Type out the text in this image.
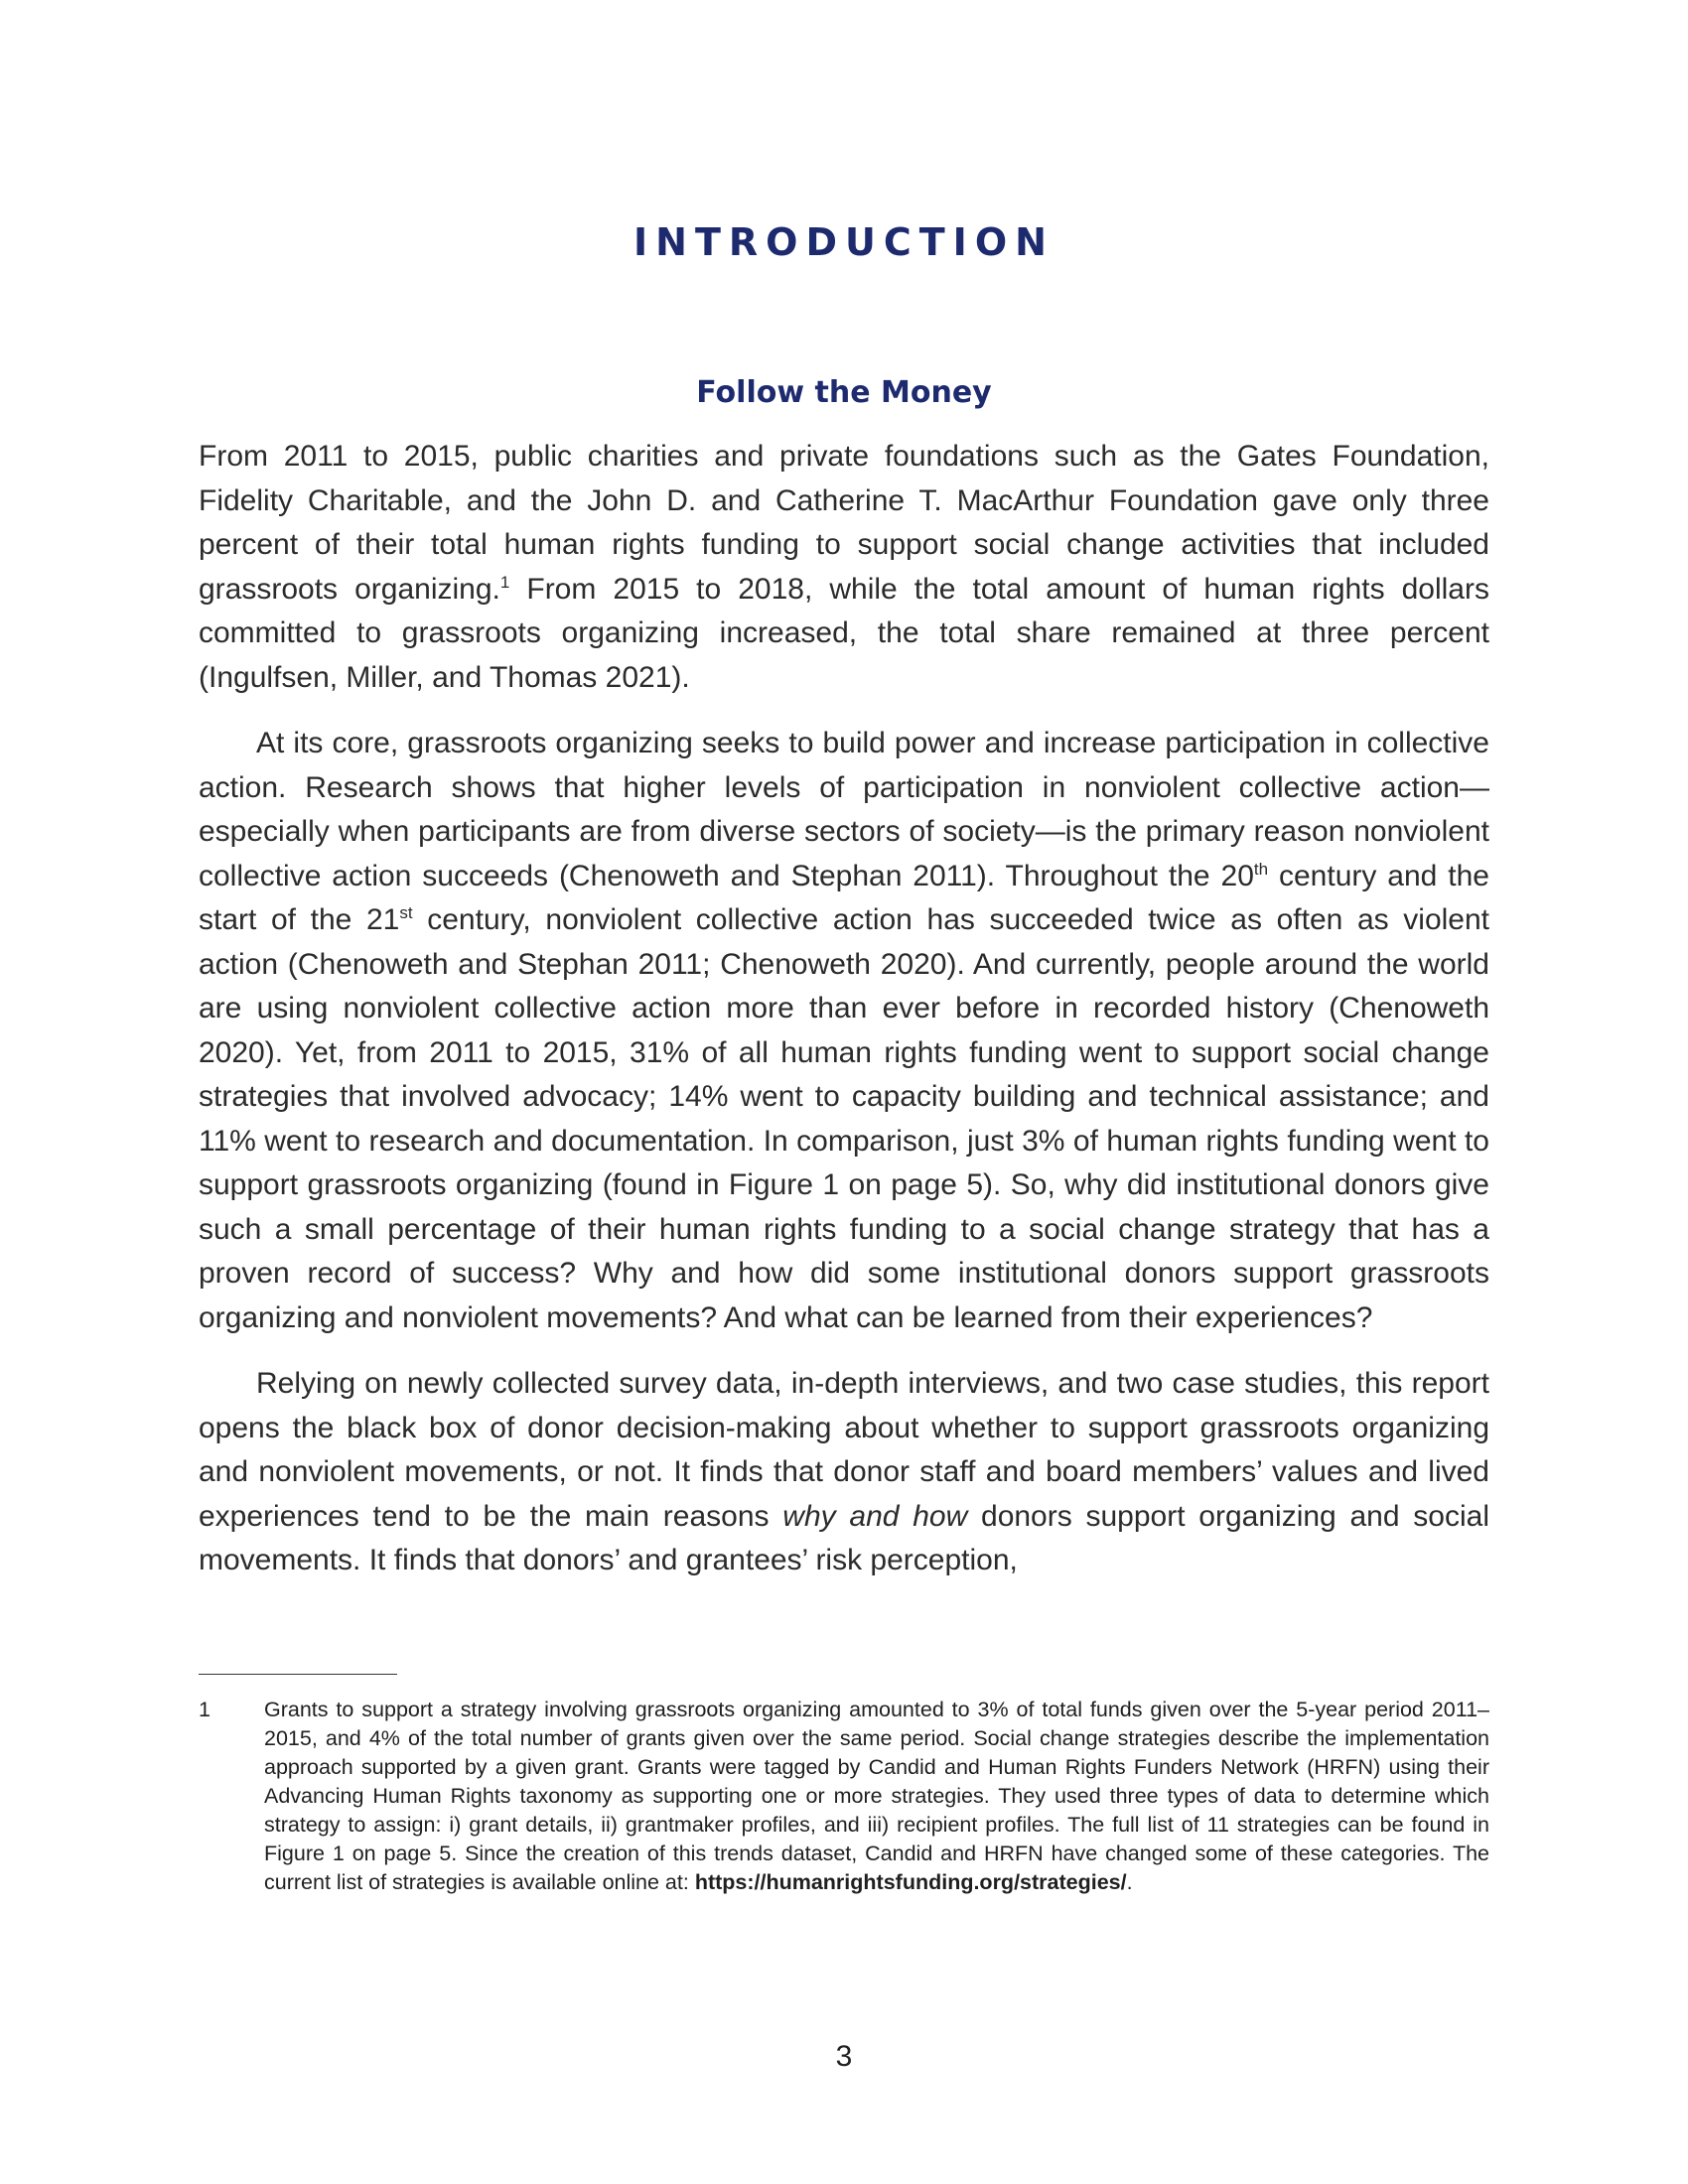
INTRODUCTION
Follow the Money

From 2011 to 2015, public charities and private foundations such as the Gates Foundation, Fidelity Charitable, and the John D. and Catherine T. MacArthur Foundation gave only three percent of their total human rights funding to support social change activities that included grassroots organizing.$^1$ From 2015 to 2018, while the total amount of human rights dollars committed to grassroots organizing increased, the total share remained at three percent (Ingulfsen, Miller, and Thomas 2021).

At its core, grassroots organizing seeks to build power and increase participation in collective action. Research shows that higher levels of participation in nonviolent collective action—especially when participants are from diverse sectors of society—is the primary reason nonviolent collective action succeeds (Chenoweth and Stephan 2011). Throughout the 20th century and the start of the 21st century, nonviolent collective action has succeeded twice as often as violent action (Chenoweth and Stephan 2011; Chenoweth 2020). And currently, people around the world are using nonviolent collective action more than ever before in recorded history (Chenoweth 2020). Yet, from 2011 to 2015, 31% of all human rights funding went to support social change strategies that involved advocacy; 14% went to capacity building and technical assistance; and 11% went to research and documentation. In comparison, just 3% of human rights funding went to support grassroots organizing (found in Figure 1 on page 5). So, why did institutional donors give such a small percentage of their human rights funding to a social change strategy that has a proven record of success? Why and how did some institutional donors support grassroots organizing and nonviolent movements? And what can be learned from their experiences?

Relying on newly collected survey data, in-depth interviews, and two case studies, this report opens the black box of donor decision-making about whether to support grassroots organizing and nonviolent movements, or not. It finds that donor staff and board members’ values and lived experiences tend to be the main reasons why and how donors support organizing and social movements. It finds that donors’ and grantees’ risk perception,

1	Grants to support a strategy involving grassroots organizing amounted to 3% of total funds given over the 5-year period 2011–2015, and 4% of the total number of grants given over the same period. Social change strategies describe the implementation approach supported by a given grant. Grants were tagged by Candid and Human Rights Funders Network (HRFN) using their Advancing Human Rights taxonomy as supporting one or more strategies. They used three types of data to determine which strategy to assign: i) grant details, ii) grantmaker profiles, and iii) recipient profiles. The full list of 11 strategies can be found in Figure 1 on page 5. Since the creation of this trends dataset, Candid and HRFN have changed some of these categories. The current list of strategies is available online at: https://humanrightsfunding.org/strategies/.
3
